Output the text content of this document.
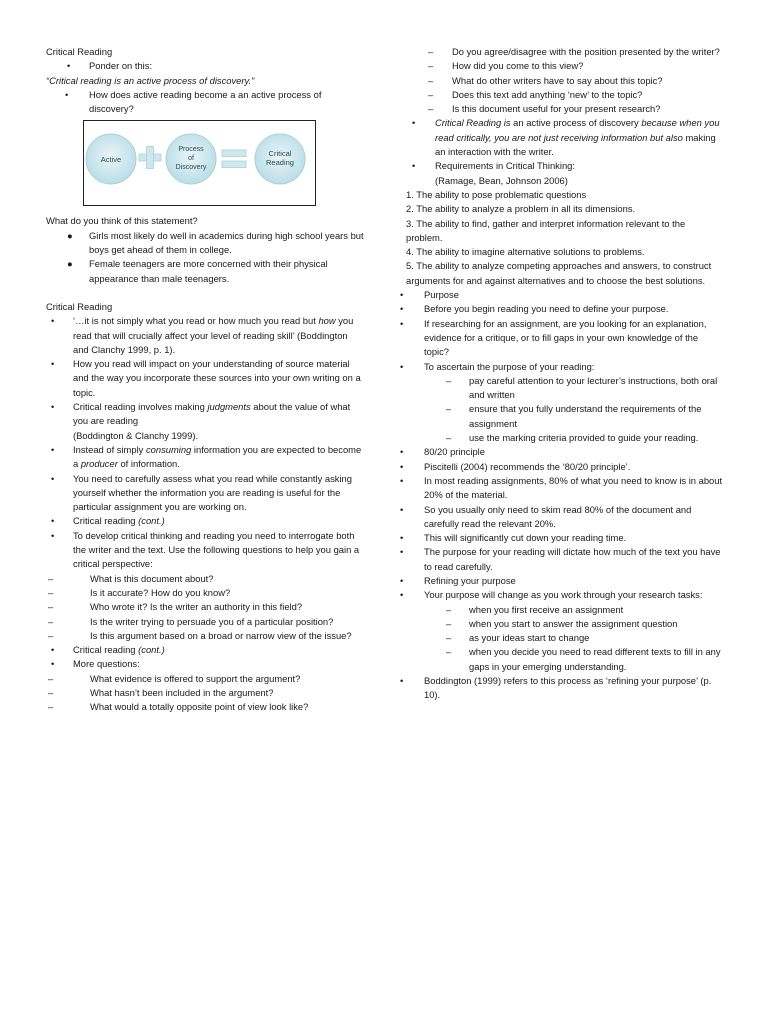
Critical Reading

• Ponder on this:

“Critical reading is an active process of discovery.”

• How does active reading become a an active process of discovery?
Active
Process
of
Discovery
Critical
Reading

What do you think of this statement?

● Girls most likely do well in academics during high school years but boys get ahead of them in college.
● Female teenagers are more concerned with their physical appearance than male teenagers.

Critical Reading

• ‘…it is not simply what you read or how much you read but how you read that will crucially affect your level of reading skill’ (Boddington and Clanchy 1999, p. 1).
• How you read will impact on your understanding of source material and the way you incorporate these sources into your own writing on a topic.
• Critical reading involves making judgments about the value of what you are reading
(Boddington & Clanchy 1999).
• Instead of simply consuming information you are expected to become a producer of information.
• You need to carefully assess what you read while constantly asking yourself whether the information you are reading is useful for the particular assignment you are working on.
• Critical reading (cont.)
• To develop critical thinking and reading you need to interrogate both the writer and the text. Use the following questions to help you gain a critical perspective:
–	What is this document about?
–	Is it accurate? How do you know?
–	Who wrote it? Is the writer an authority in this field?
–	Is the writer trying to persuade you of a particular position?
–	Is this argument based on a broad or narrow view of the issue?
• Critical reading (cont.)
• More questions:
–	What evidence is offered to support the argument?
–	What hasn’t been included in the argument?
–	What would a totally opposite point of view look like?
– Do you agree/disagree with the position presented by the writer?
– How did you come to this view?
– What do other writers have to say about this topic?
– Does this text add anything ‘new’ to the topic?
– Is this document useful for your present research?
• Critical Reading is an active process of discovery because when you read critically, you are not just receiving information but also making an interaction with the writer.
• Requirements in Critical Thinking:
(Ramage, Bean, Johnson 2006)

1. The ability to pose problematic questions

2. The ability to analyze a problem in all its dimensions.

3. The ability to find, gather and interpret information relevant to the problem.

4. The ability to imagine alternative solutions to problems.

5. The ability to analyze competing approaches and answers, to construct arguments for and against alternatives and to choose the best solutions.

• Purpose
• Before you begin reading you need to define your purpose.
• If researching for an assignment, are you looking for an explanation, evidence for a critique, or to fill gaps in your own knowledge of the topic?
• To ascertain the purpose of your reading:
– pay careful attention to your lecturer’s instructions, both oral and written
– ensure that you fully understand the requirements of the assignment
– use the marking criteria provided to guide your reading.
• 80/20 principle
• Piscitelli (2004) recommends the ‘80/20 principle’.
• In most reading assignments, 80% of what you need to know is in about 20% of the material.
• So you usually only need to skim read 80% of the document and carefully read the relevant 20%.
• This will significantly cut down your reading time.
• The purpose for your reading will dictate how much of the text you have to read carefully.
• Refining your purpose
• Your purpose will change as you work through your research tasks:
– when you first receive an assignment
– when you start to answer the assignment question
– as your ideas start to change
– when you decide you need to read different texts to fill in any gaps in your emerging understanding.
• Boddington (1999) refers to this process as ‘refining your purpose’ (p. 10).
